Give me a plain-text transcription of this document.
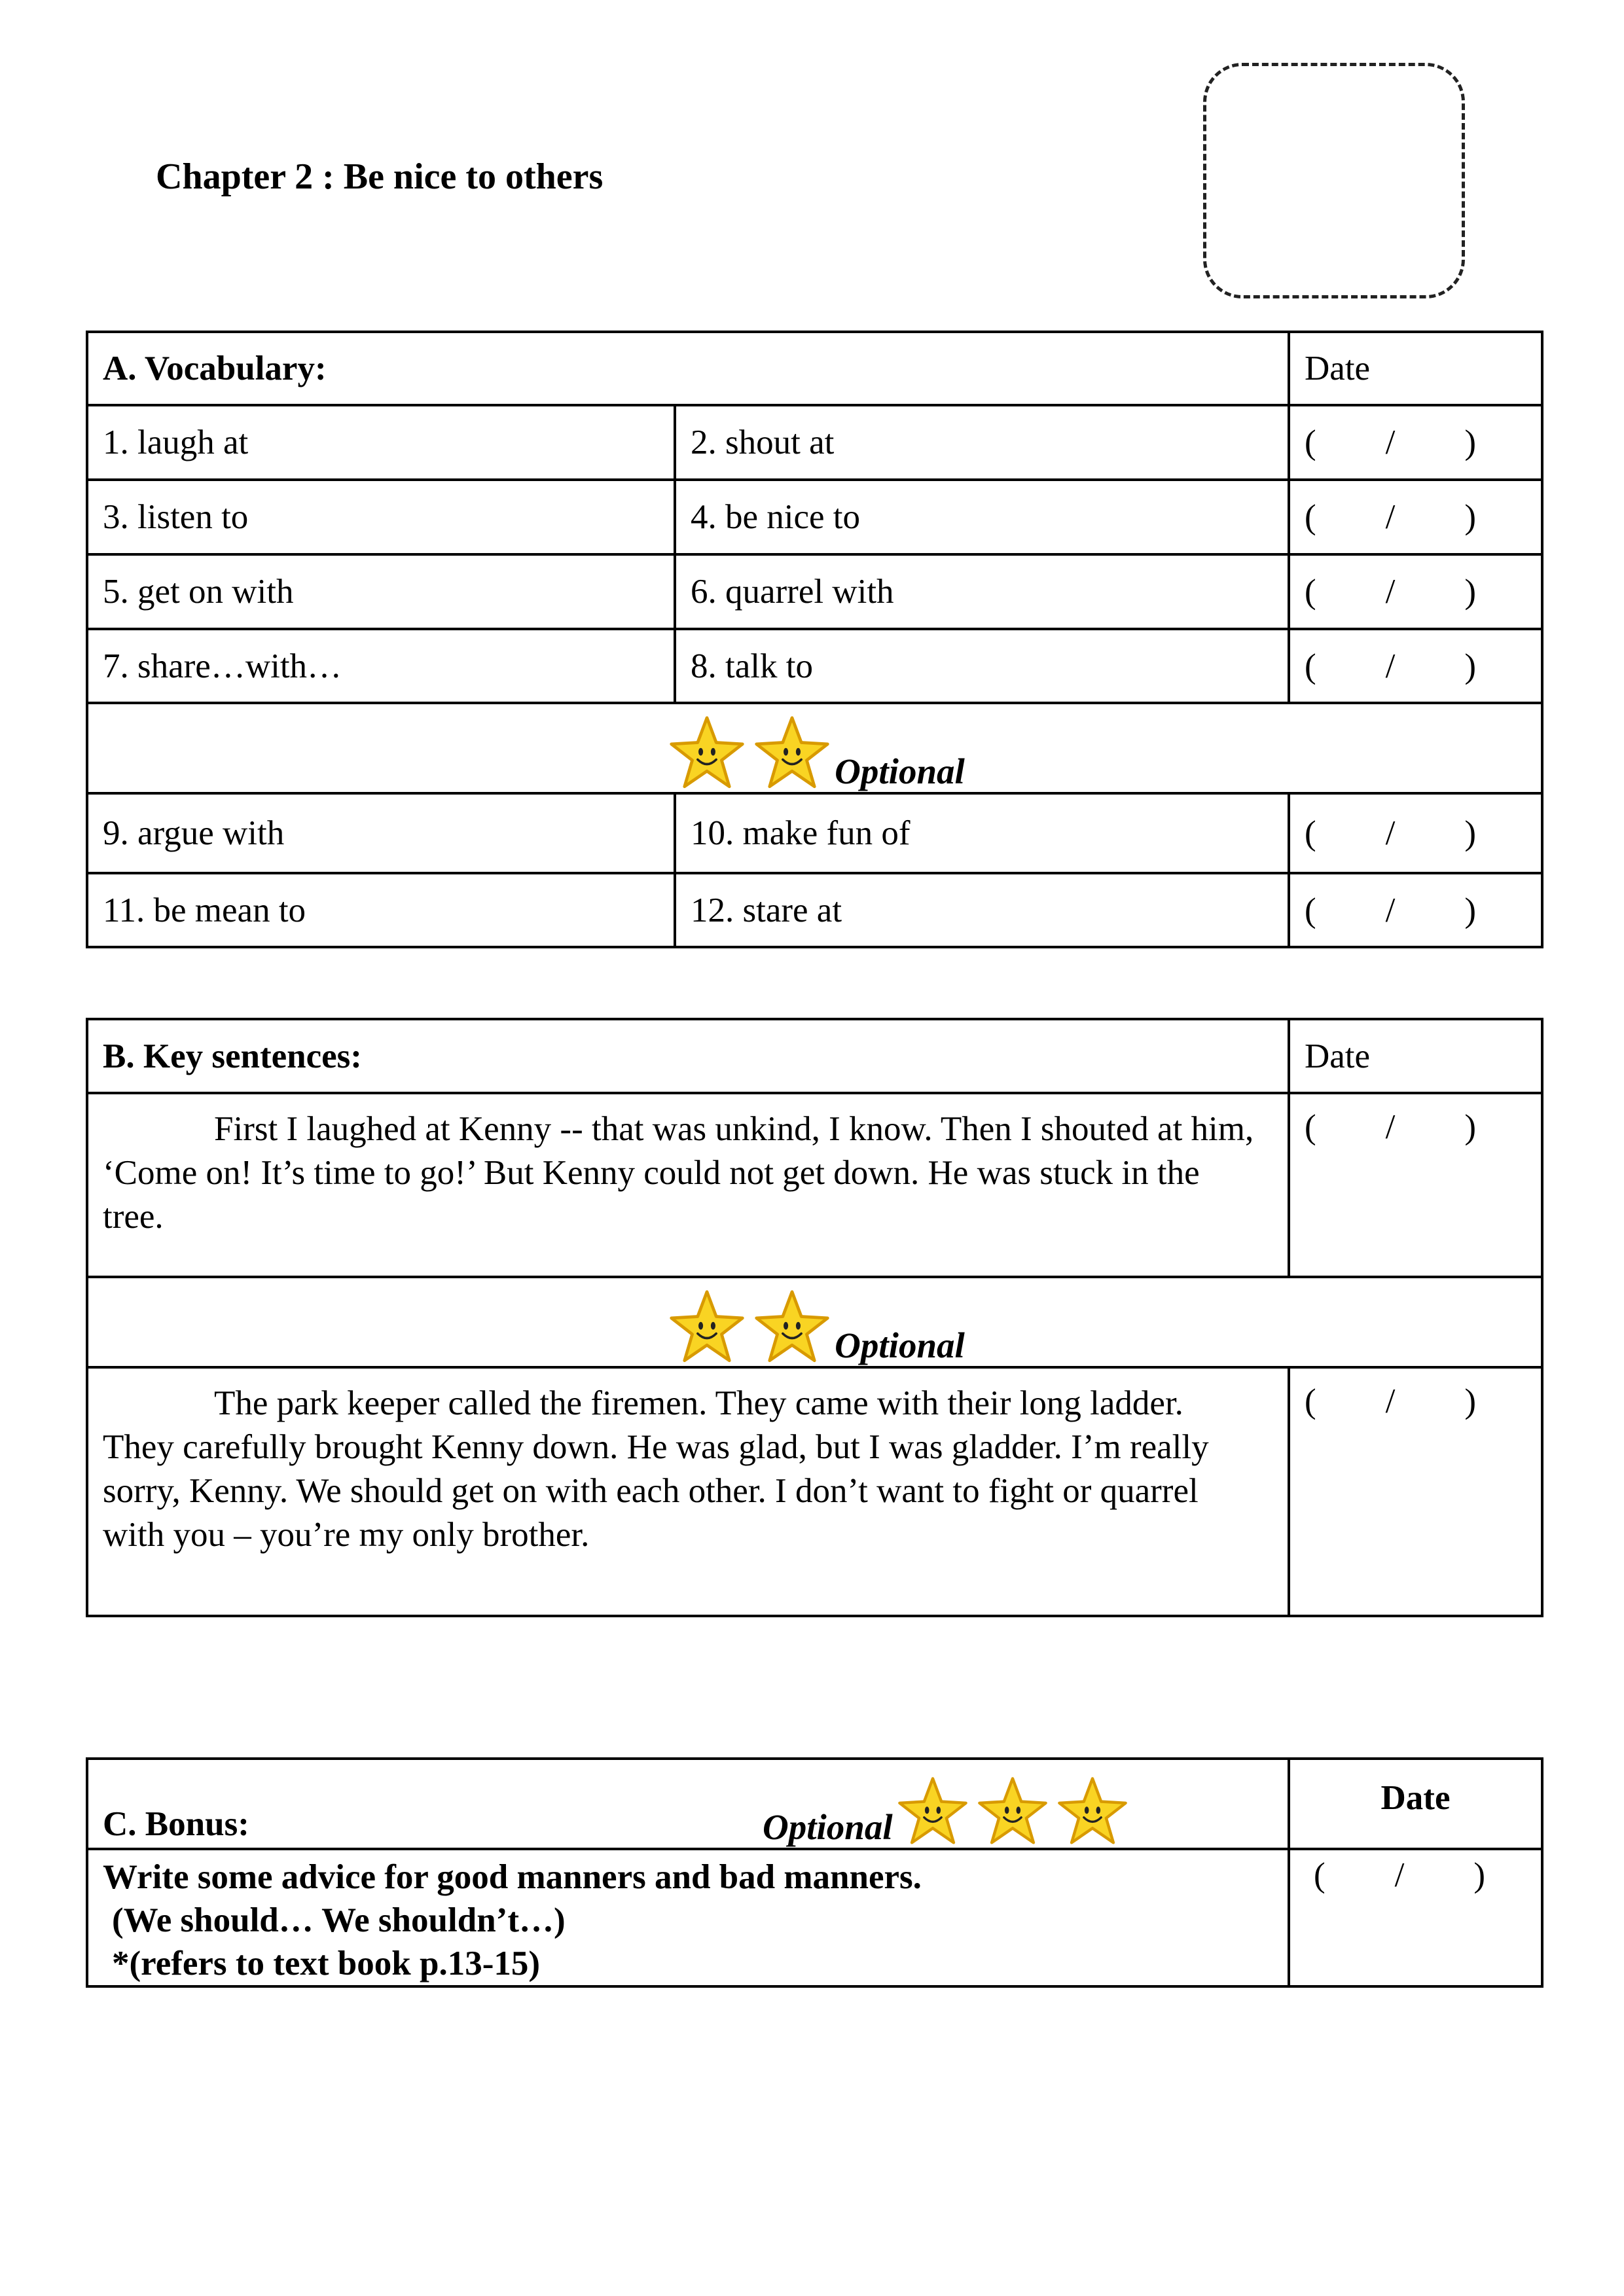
Chapter 2 : Be nice to others
A. Vocabulary:		Date
1. laugh at	2. shout at	(        /        )
3. listen to	4. be nice to	(        /        )
5. get on with	6. quarrel with	(        /        )
7. share…with…	8. talk to	(        /        )
Optional		
9. argue with	10. make fun of	(        /        )
11. be mean to	12. stare at	(        /        )
B. Key sentences:	Date
First I laughed at Kenny -- that was unkind, I know. Then I shouted at him, ‘Come on! It’s time to go!’ But Kenny could not get down. He was stuck in the tree.	(        /        )
Optional	
The park keeper called the firemen. They came with their long ladder. They carefully brought Kenny down. He was glad, but I was gladder. I’m really sorry, Kenny. We should get on with each other. I don’t want to fight or quarrel with you – you’re my only brother.	(        /        )
C. Bonus: Optional	Date

Write some advice for good manners and bad manners.
(We should… We shouldn’t…)
*(refers to text book p.13-15)	(        /        )
